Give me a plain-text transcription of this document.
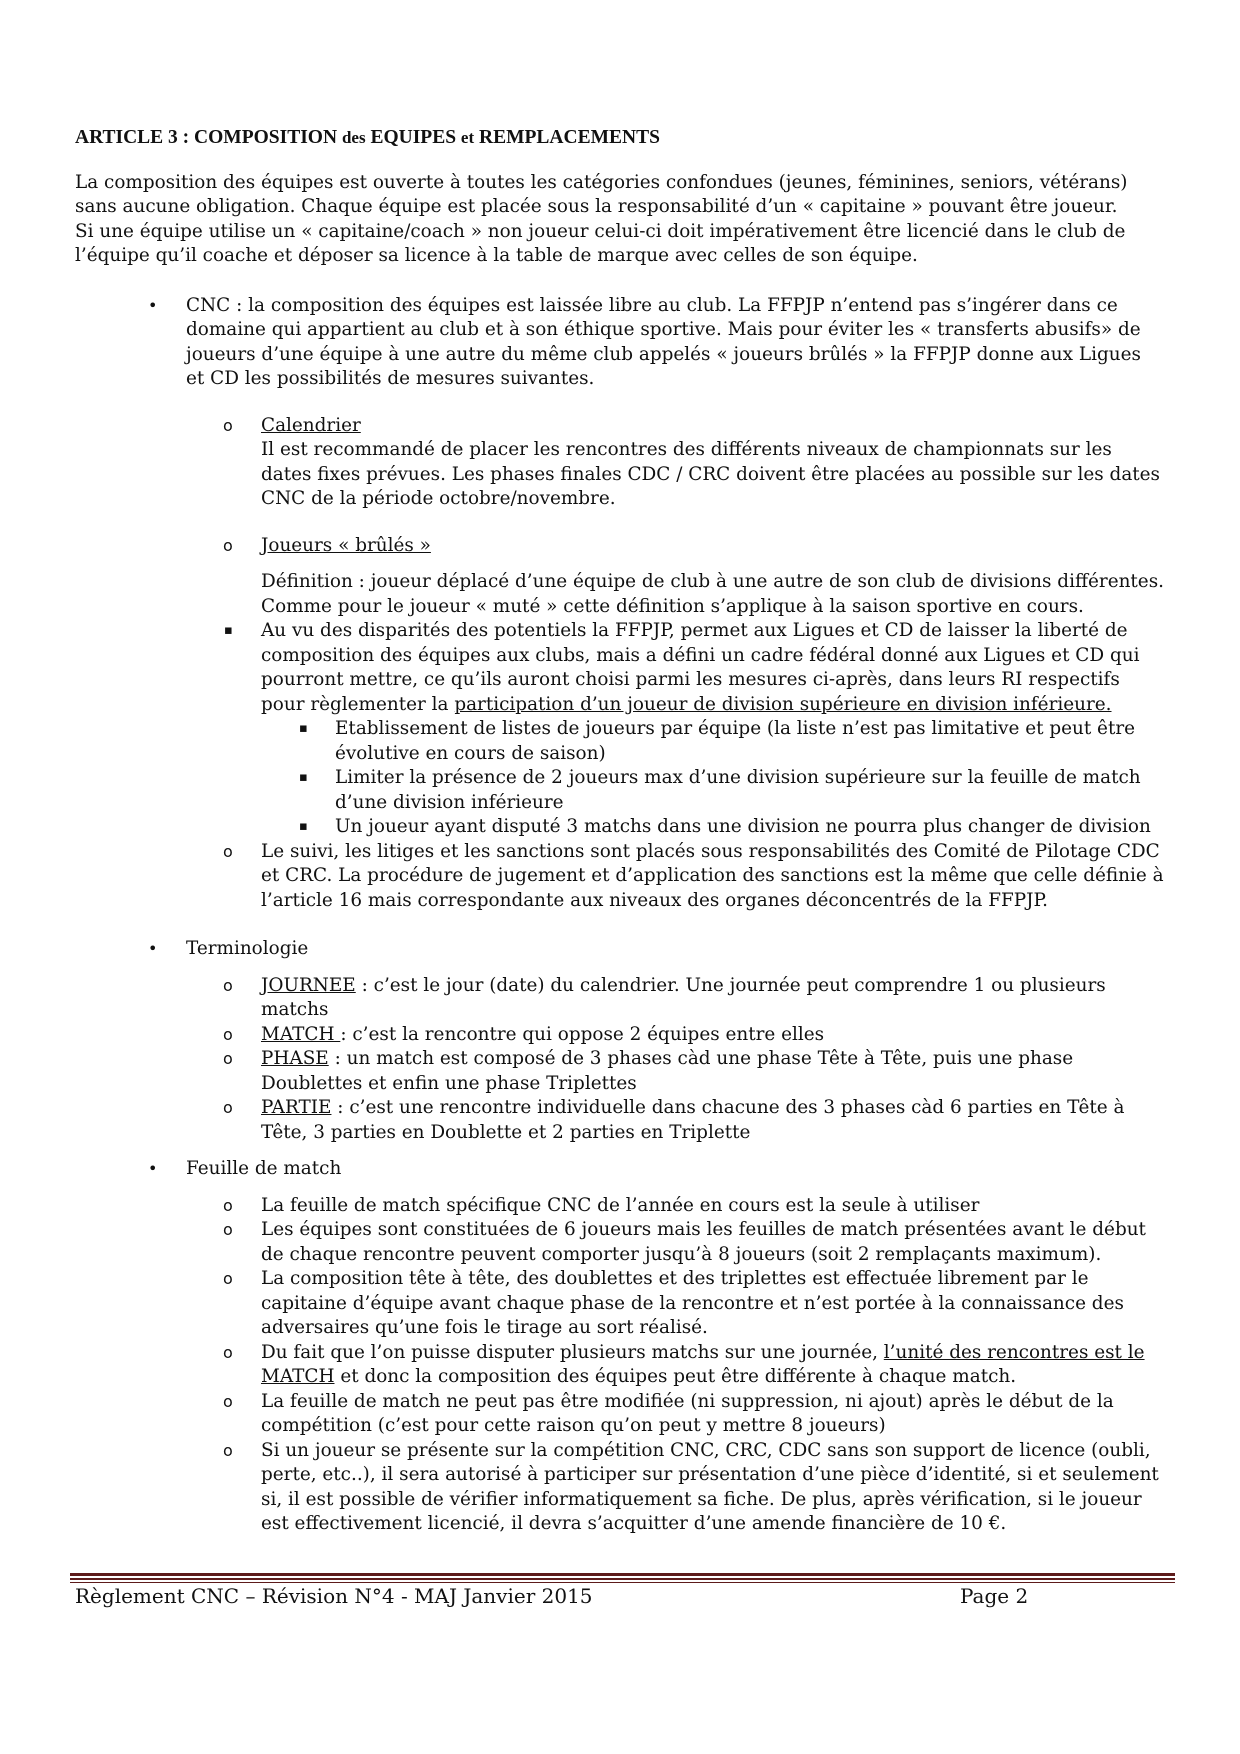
ARTICLE 3 : COMPOSITION des EQUIPES et REMPLACEMENTS

La composition des équipes est ouverte à toutes les catégories confondues (jeunes, féminines, seniors, vétérans) sans aucune obligation. Chaque équipe est placée sous la responsabilité d’un « capitaine » pouvant être joueur.

Si une équipe utilise un « capitaine/coach » non joueur celui-ci doit impérativement être licencié dans le club de l’équipe qu’il coache et déposer sa licence à la table de marque avec celles de son équipe.

• CNC : la composition des équipes est laissée libre au club. La FFPJP n’entend pas s’ingérer dans ce domaine qui appartient au club et à son éthique sportive. Mais pour éviter les « transferts abusifs» de joueurs d’une équipe à une autre du même club appelés « joueurs brûlés » la FFPJP donne aux Ligues et CD les possibilités de mesures suivantes.

o Calendrier

Il est recommandé de placer les rencontres des différents niveaux de championnats sur les dates fixes prévues. Les phases finales CDC / CRC doivent être placées au possible sur les dates CNC de la période octobre/novembre.

o Joueurs « brûlés »

Définition : joueur déplacé d’une équipe de club à une autre de son club de divisions différentes. Comme pour le joueur « muté » cette définition s’applique à la saison sportive en cours.

▪ Au vu des disparités des potentiels la FFPJP, permet aux Ligues et CD de laisser la liberté de composition des équipes aux clubs, mais a défini un cadre fédéral donné aux Ligues et CD qui pourront mettre, ce qu’ils auront choisi parmi les mesures ci-après, dans leurs RI respectifs pour règlementer la participation d’un joueur de division supérieure en division inférieure.

▪ Etablissement de listes de joueurs par équipe (la liste n’est pas limitative et peut être évolutive en cours de saison)

▪ Limiter la présence de 2 joueurs max d’une division supérieure sur la feuille de match d’une division inférieure

▪ Un joueur ayant disputé 3 matchs dans une division ne pourra plus changer de division

o Le suivi, les litiges et les sanctions sont placés sous responsabilités des Comité de Pilotage CDC et CRC. La procédure de jugement et d’application des sanctions est la même que celle définie à l’article 16 mais correspondante aux niveaux des organes déconcentrés de la FFPJP.

• Terminologie

o JOURNEE : c’est le jour (date) du calendrier. Une journée peut comprendre 1 ou plusieurs matchs

o MATCH : c’est la rencontre qui oppose 2 équipes entre elles

o PHASE : un match est composé de 3 phases càd une phase Tête à Tête, puis une phase Doublettes et enfin une phase Triplettes

o PARTIE : c’est une rencontre individuelle dans chacune des 3 phases càd 6 parties en Tête à Tête, 3 parties en Doublette et 2 parties en Triplette

• Feuille de match

o La feuille de match spécifique CNC de l’année en cours est la seule à utiliser

o Les équipes sont constituées de 6 joueurs mais les feuilles de match présentées avant le début de chaque rencontre peuvent comporter jusqu’à 8 joueurs (soit 2 remplaçants maximum).

o La composition tête à tête, des doublettes et des triplettes est effectuée librement par le capitaine d’équipe avant chaque phase de la rencontre et n’est portée à la connaissance des adversaires qu’une fois le tirage au sort réalisé.

o Du fait que l’on puisse disputer plusieurs matchs sur une journée, l’unité des rencontres est le MATCH et donc la composition des équipes peut être différente à chaque match.

o La feuille de match ne peut pas être modifiée (ni suppression, ni ajout) après le début de la compétition (c’est pour cette raison qu’on peut y mettre 8 joueurs)

o Si un joueur se présente sur la compétition CNC, CRC, CDC sans son support de licence (oubli, perte, etc..), il sera autorisé à participer sur présentation d’une pièce d’identité, si et seulement si, il est possible de vérifier informatiquement sa fiche. De plus, après vérification, si le joueur est effectivement licencié, il devra s’acquitter d’une amende financière de 10 €.

Règlement CNC – Révision N°4 - MAJ Janvier 2015	Page 2
